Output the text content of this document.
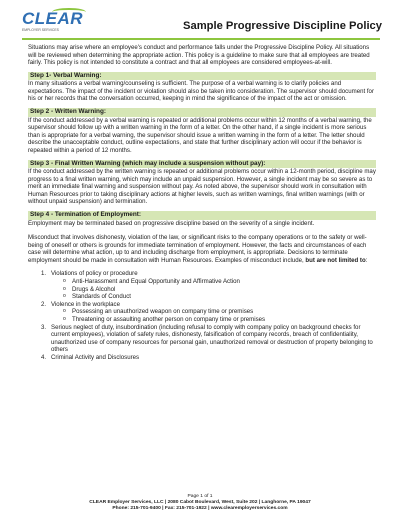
CLEAR
EMPLOYER SERVICES	Sample Progressive Discipline Policy

Situations may arise where an employee's conduct and performance falls under the Progressive Discipline Policy. All situations will be reviewed when determining the appropriate action. This policy is a guideline to make sure that all employees are treated fairly. This policy is not intended to constitute a contract and that all employees are considered employees-at-will.

Step 1- Verbal Warning:

In many situations a verbal warning/counseling is sufficient. The purpose of a verbal warning is to clarify policies and expectations. The impact of the incident or violation should also be taken into consideration. The supervisor should document for his or her records that the conversation occurred, keeping in mind the significance of the impact of the act or omission.

Step 2 - Written Warning:

If the conduct addressed by a verbal warning is repeated or additional problems occur within 12 months of a verbal warning, the supervisor should follow up with a written warning in the form of a letter. On the other hand, if a single incident is more serious than is appropriate for a verbal warning, the supervisor should issue a written warning in the form of a letter. The letter should describe the unacceptable conduct, outline expectations, and state that further disciplinary action will occur if the behavior is repeated within a period of 12 months.

Step 3 - Final Written Warning (which may include a suspension without pay):

If the conduct addressed by the written warning is repeated or additional problems occur within a 12-month period, discipline may progress to a final written warning, which may include an unpaid suspension. However, a single incident may be so severe as to merit an immediate final warning and suspension without pay. As noted above, the supervisor should work in consultation with Human Resources prior to taking disciplinary actions at higher levels, such as written warnings, final written warnings (with or without unpaid suspension) and termination.

Step 4 - Termination of Employment:

Employment may be terminated based on progressive discipline based on the severity of a single incident.

Misconduct that involves dishonesty, violation of the law, or significant risks to the company operations or to the safety or well-being of oneself or others is grounds for immediate termination of employment. However, the facts and circumstances of each case will determine what action, up to and including discharge from employment, is appropriate. Decisions to terminate employment should be made in consultation with Human Resources. Examples of misconduct include, but are not limited to:

1. Violations of policy or procedure
o Anti-Harassment and Equal Opportunity and Affirmative Action
o Drugs & Alcohol
o Standards of Conduct
2. Violence in the workplace
o Possessing an unauthorized weapon on company time or premises
o Threatening or assaulting another person on company time or premises
3. Serious neglect of duty, insubordination (including refusal to comply with company policy on background checks for current employees), violation of safety rules, dishonesty, falsification of company records, breach of confidentiality, unauthorized use of company resources for personal gain, unauthorized removal or destruction of property belonging to others
4. Criminal Activity and Disclosures
Page 1 of 1
CLEAR Employer Services, LLC | 2080 Cabot Boulevard, West, Suite 202 | Langhorne, PA 19047
Phone: 215-701-9400 | Fax: 215-701-1922 | www.clearemployerservices.com
